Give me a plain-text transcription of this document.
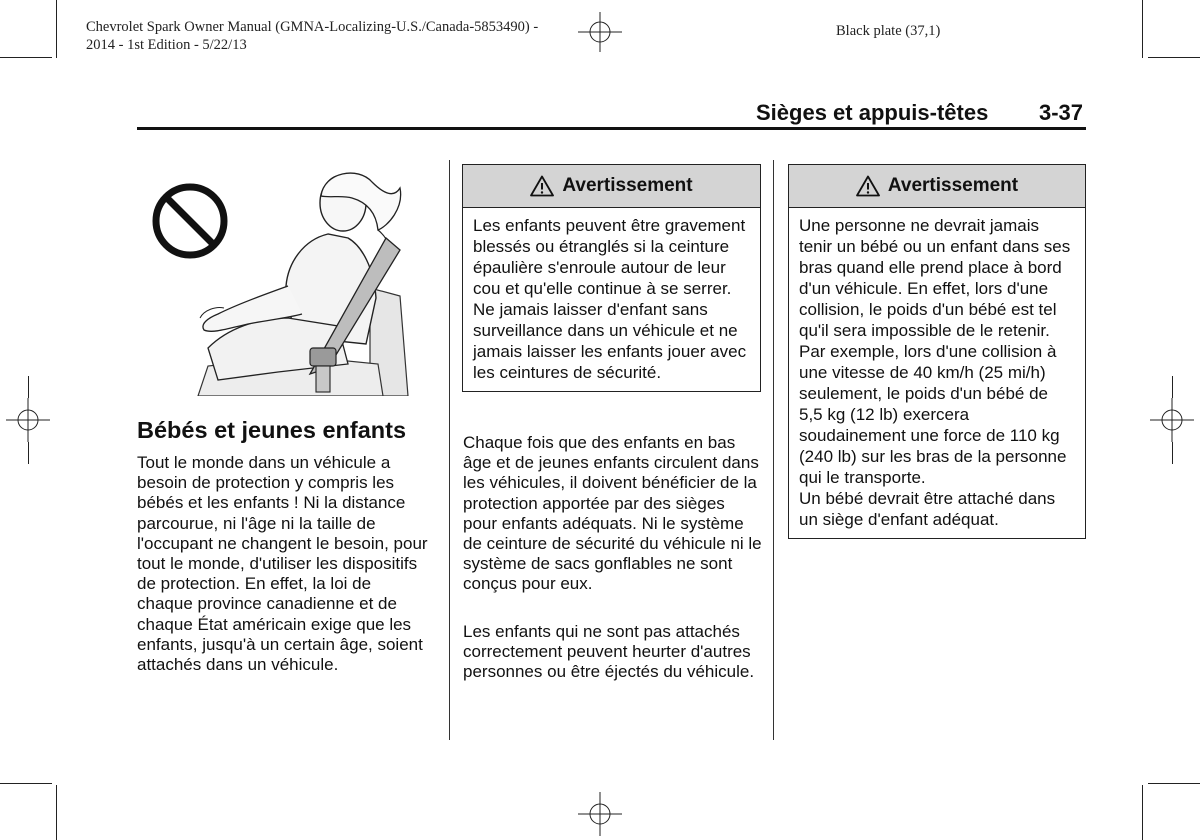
Chevrolet Spark Owner Manual (GMNA-Localizing-U.S./Canada-5853490) -
2014 - 1st Edition - 5/22/13
Black plate (37,1)
Sièges et appuis-têtes 3-37
Bébés et jeunes enfants
Tout le monde dans un véhicule a besoin de protection y compris les bébés et les enfants ! Ni la distance parcourue, ni l'âge ni la taille de l'occupant ne changent le besoin, pour tout le monde, d'utiliser les dispositifs de protection. En effet, la loi de chaque province canadienne et de chaque État américain exige que les enfants, jusqu'à un certain âge, soient attachés dans un véhicule.
Avertissement
Les enfants peuvent être gravement blessés ou étranglés si la ceinture épaulière s'enroule autour de leur cou et qu'elle continue à se serrer. Ne jamais laisser d'enfant sans surveillance dans un véhicule et ne jamais laisser les enfants jouer avec les ceintures de sécurité.
Chaque fois que des enfants en bas âge et de jeunes enfants circulent dans les véhicules, il doivent bénéficier de la protection apportée par des sièges pour enfants adéquats. Ni le système de ceinture de sécurité du véhicule ni le système de sacs gonflables ne sont conçus pour eux.
Les enfants qui ne sont pas attachés correctement peuvent heurter d'autres personnes ou être éjectés du véhicule.
Avertissement

Une personne ne devrait jamais tenir un bébé ou un enfant dans ses bras quand elle prend place à bord d'un véhicule. En effet, lors d'une collision, le poids d'un bébé est tel qu'il sera impossible de le retenir. Par exemple, lors d'une collision à une vitesse de 40 km/h (25 mi/h) seulement, le poids d'un bébé de 5,5 kg (12 lb) exercera soudainement une force de 110 kg (240 lb) sur les bras de la personne qui le transporte.

Un bébé devrait être attaché dans un siège d'enfant adéquat.
